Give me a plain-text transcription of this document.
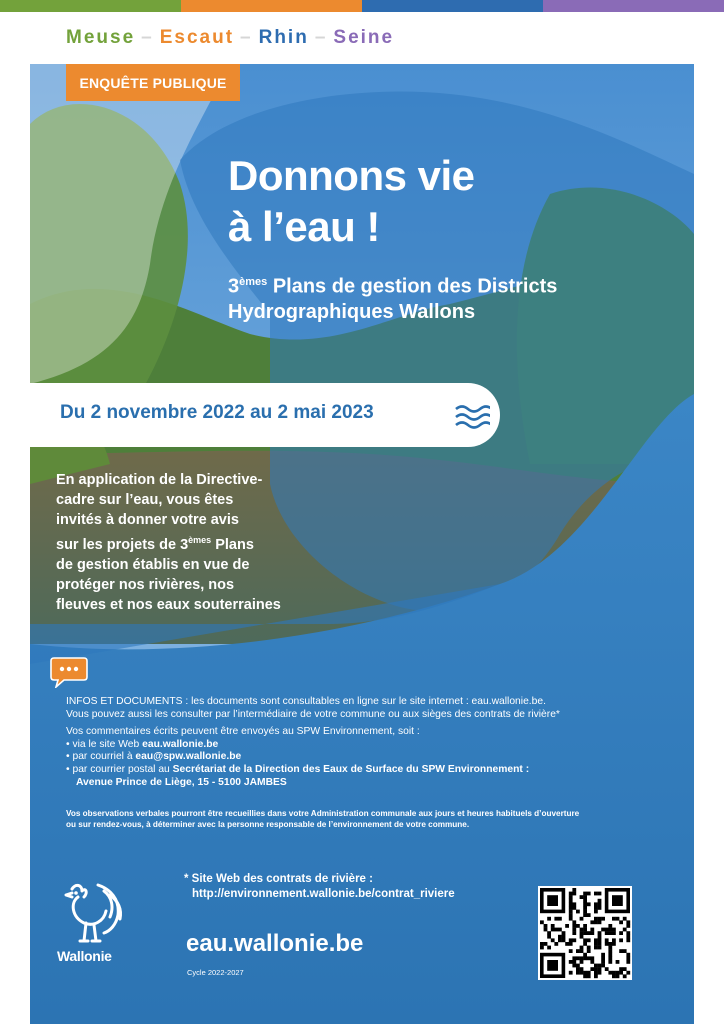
Meuse – Escaut – Rhin – Seine
ENQUÊTE PUBLIQUE
Donnons vie
à l’eau !
3èmes Plans de gestion des Districts
Hydrographiques Wallons
Du 2 novembre 2022 au 2 mai 2023
En application de la Directive-
cadre sur l’eau, vous êtes
invités à donner votre avis
sur les projets de 3èmes Plans
de gestion établis en vue de
protéger nos rivières, nos
fleuves et nos eaux souterraines

INFOS ET DOCUMENTS : les documents sont consultables en ligne sur le site internet : eau.wallonie.be.

Vous pouvez aussi les consulter par l’intermédiaire de votre commune ou aux sièges des contrats de rivière*

Vos commentaires écrits peuvent être envoyés au SPW Environnement, soit :

• via le site Web eau.wallonie.be

• par courriel à eau@spw.wallonie.be

• par courrier postal au Secrétariat de la Direction des Eaux de Surface du SPW Environnement :

Avenue Prince de Liège, 15 - 5100 JAMBES

Vos observations verbales pourront être recueillies dans votre Administration communale aux jours et heures habituels d’ouverture
ou sur rendez-vous, à déterminer avec la personne responsable de l’environnement de votre commune.
* Site Web des contrats de rivière :
http://environnement.wallonie.be/contrat_riviere
eau.wallonie.be
Cycle 2022-2027
Wallonie
